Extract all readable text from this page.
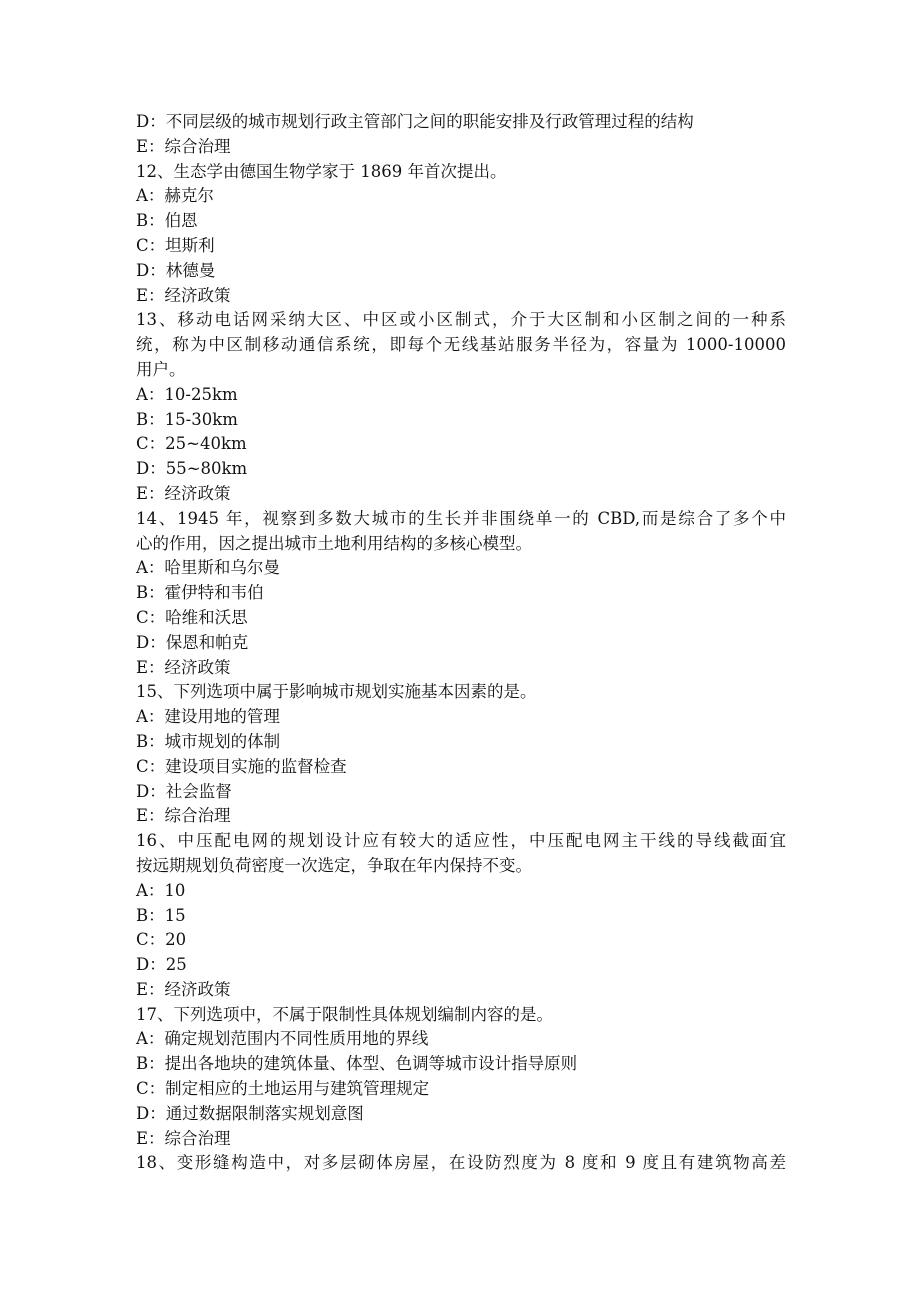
D：不同层级的城市规划行政主管部门之间的职能安排及行政管理过程的结构
E：综合治理
12、生态学由德国生物学家于 1869 年首次提出。
A：赫克尔
B：伯恩
C：坦斯利
D：林德曼
E：经济政策
13、移动电话网采纳大区、中区或小区制式，介于大区制和小区制之间的一种系
统，称为中区制移动通信系统，即每个无线基站服务半径为，容量为 1000-10000
用户。
A：10-25km
B：15-30km
C：25~40km
D：55~80km
E：经济政策
14、1945 年，视察到多数大城市的生长并非围绕单一的 CBD,而是综合了多个中
心的作用，因之提出城市土地利用结构的多核心模型。
A：哈里斯和乌尔曼
B：霍伊特和韦伯
C：哈维和沃思
D：保恩和帕克
E：经济政策
15、下列选项中属于影响城市规划实施基本因素的是。
A：建设用地的管理
B：城市规划的体制
C：建设项目实施的监督检查
D：社会监督
E：综合治理
16、中压配电网的规划设计应有较大的适应性，中压配电网主干线的导线截面宜
按远期规划负荷密度一次选定，争取在年内保持不变。
A：10
B：15
C：20
D：25
E：经济政策
17、下列选项中，不属于限制性具体规划编制内容的是。
A：确定规划范围内不同性质用地的界线
B：提出各地块的建筑体量、体型、色调等城市设计指导原则
C：制定相应的土地运用与建筑管理规定
D：通过数据限制落实规划意图
E：综合治理
18、变形缝构造中，对多层砌体房屋，在设防烈度为 8 度和 9 度且有建筑物高差
